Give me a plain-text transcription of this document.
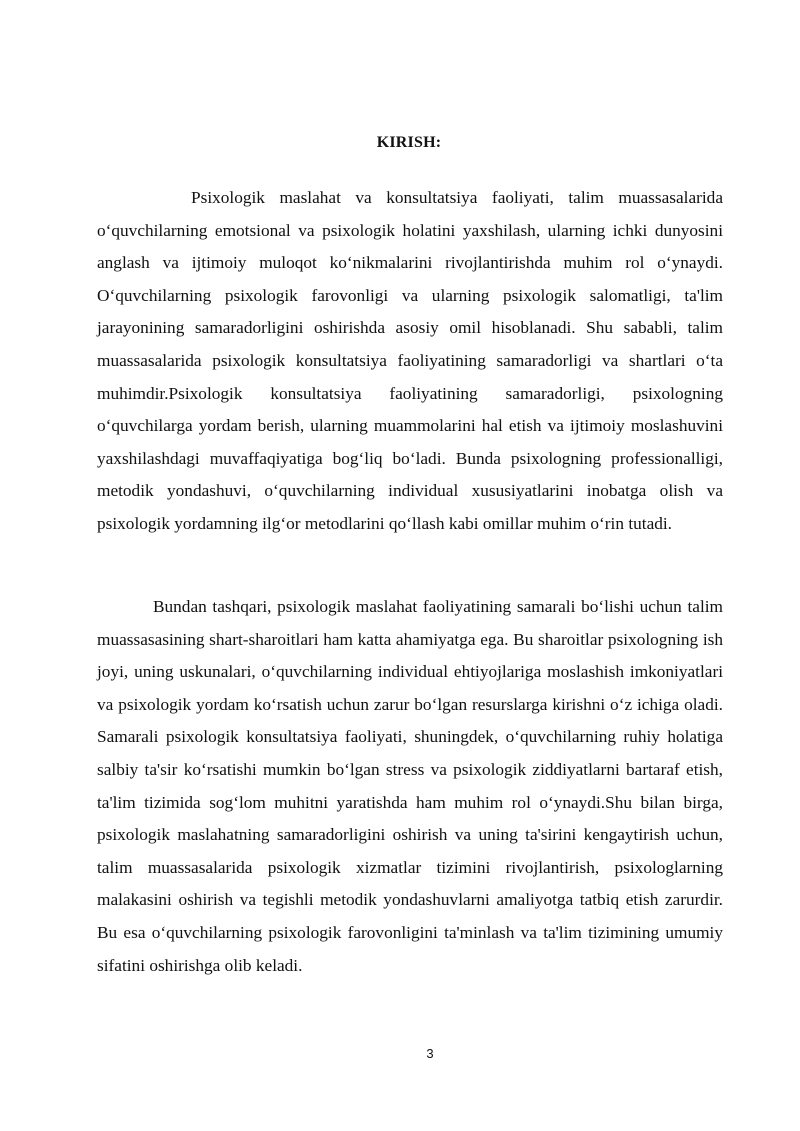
KIRISH:

Psixologik maslahat va konsultatsiya faoliyati, talim muassasalarida o‘quvchilarning emotsional va psixologik holatini yaxshilash, ularning ichki dunyosini anglash va ijtimoiy muloqot ko‘nikmalarini rivojlantirishda muhim rol o‘ynaydi. O‘quvchilarning psixologik farovonligi va ularning psixologik salomatligi, ta'lim jarayonining samaradorligini oshirishda asosiy omil hisoblanadi. Shu sababli, talim muassasalarida psixologik konsultatsiya faoliyatining samaradorligi va shartlari o‘ta muhimdir.Psixologik konsultatsiya faoliyatining samaradorligi, psixologning o‘quvchilarga yordam berish, ularning muammolarini hal etish va ijtimoiy moslashuvini yaxshilashdagi muvaffaqiyatiga bog‘liq bo‘ladi. Bunda psixologning professionalligi, metodik yondashuvi, o‘quvchilarning individual xususiyatlarini inobatga olish va psixologik yordamning ilg‘or metodlarini qo‘llash kabi omillar muhim o‘rin tutadi.

Bundan tashqari, psixologik maslahat faoliyatining samarali bo‘lishi uchun talim muassasasining shart-sharoitlari ham katta ahamiyatga ega. Bu sharoitlar psixologning ish joyi, uning uskunalari, o‘quvchilarning individual ehtiyojlariga moslashish imkoniyatlari va psixologik yordam ko‘rsatish uchun zarur bo‘lgan resurslarga kirishni o‘z ichiga oladi. Samarali psixologik konsultatsiya faoliyati, shuningdek, o‘quvchilarning ruhiy holatiga salbiy ta'sir ko‘rsatishi mumkin bo‘lgan stress va psixologik ziddiyatlarni bartaraf etish, ta'lim tizimida sog‘lom muhitni yaratishda ham muhim rol o‘ynaydi.Shu bilan birga, psixologik maslahatning samaradorligini oshirish va uning ta'sirini kengaytirish uchun, talim muassasalarida psixologik xizmatlar tizimini rivojlantirish, psixologlarning malakasini oshirish va tegishli metodik yondashuvlarni amaliyotga tatbiq etish zarurdir. Bu esa o‘quvchilarning psixologik farovonligini ta'minlash va ta'lim tizimining umumiy sifatini oshirishga olib keladi.

3
